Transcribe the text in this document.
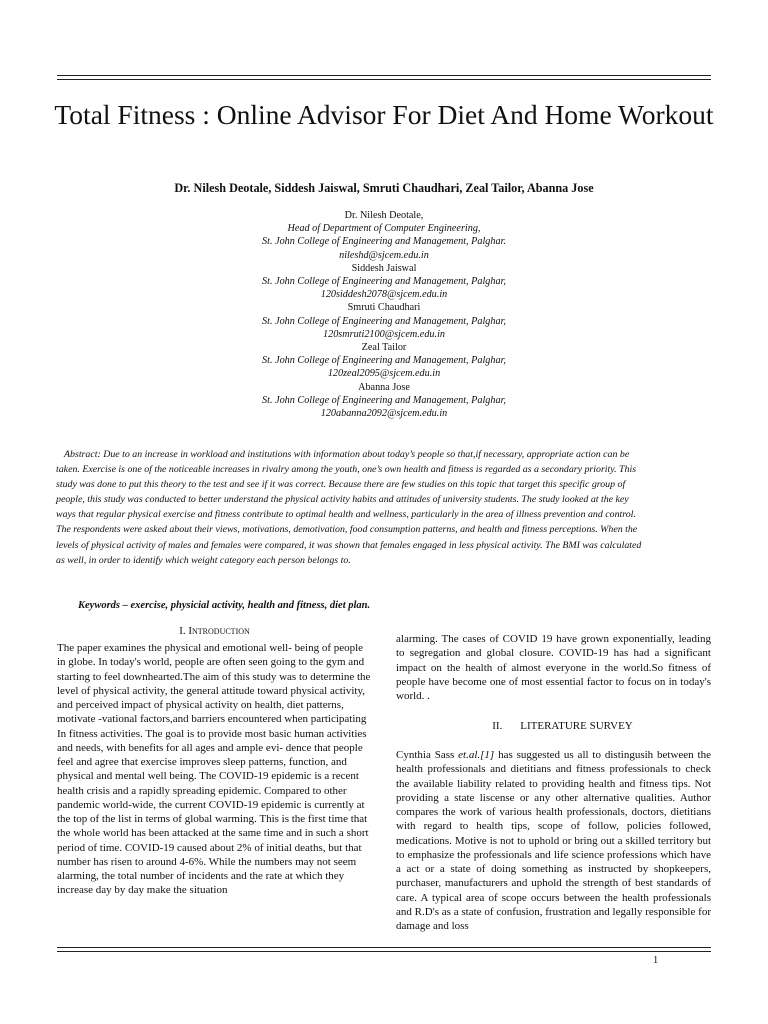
Total Fitness : Online Advisor For Diet And Home Workout
Dr. Nilesh Deotale, Siddesh Jaiswal, Smruti Chaudhari, Zeal Tailor, Abanna Jose
Dr. Nilesh Deotale,
Head of Department of Computer Engineering,
St. John College of Engineering and Management, Palghar.
nileshd@sjcem.edu.in
Siddesh Jaiswal
St. John College of Engineering and Management, Palghar,
120siddesh2078@sjcem.edu.in
Smruti Chaudhari
St. John College of Engineering and Management, Palghar,
120smruti2100@sjcem.edu.in
Zeal Tailor
St. John College of Engineering and Management, Palghar,
120zeal2095@sjcem.edu.in
Abanna Jose
St. John College of Engineering and Management, Palghar,
120abanna2092@sjcem.edu.in
Abstract: Due to an increase in workload and institutions with information about today’s people so that,if necessary, appropriate action can be taken. Exercise is one of the noticeable increases in rivalry among the youth, one’s own health and fitness is regarded as a secondary priority. This study was done to put this theory to the test and see if it was correct. Because there are few studies on this topic that target this specific group of people, this study was conducted to better understand the physical activity habits and attitudes of university students. The study looked at the key ways that regular physical exercise and fitness contribute to optimal health and wellness, particularly in the area of illness prevention and control. The respondents were asked about their views, motivations, demotivation, food consumption patterns, and health and fitness perceptions. When the levels of physical activity of males and females were compared, it was shown that females engaged in less physical activity. The BMI was calculated as well, in order to identify which weight category each person belongs to.
Keywords – exercise, physicial activity, health and fitness, diet plan.
I. Introduction
The paper examines the physical and emotional well- being of people in globe. In today's world, people are often seen going to the gym and starting to feel downhearted.The aim of this study was to determine the level of physical activity, the general attitude toward physical activity, and perceived impact of physical activity on health, diet patterns, motivate -vational factors,and barriers encountered when participating In fitness activities. The goal is to provide most basic human activities and needs, with benefits for all ages and ample evi- dence that people feel and agree that exercise improves sleep patterns, function, and physical and mental well being. The COVID-19 epidemic is a recent health crisis and a rapidly spreading epidemic. Compared to other pandemic world-wide, the current COVID-19 epidemic is currently at the top of the list in terms of global warming. This is the first time that the whole world has been attacked at the same time and in such a short period of time. COVID-19 caused about 2% of initial deaths, but that number has risen to around 4-6%. While the numbers may not seem alarming, the total number of incidents and the rate at which they increase day by day make the situation
alarming. The cases of COVID 19 have grown exponentially, leading to segregation and global closure. COVID-19 has had a significant impact on the health of almost everyone in the world.So fitness of people have become one of most essential factor to focus on in today's world. .
II. LITERATURE SURVEY
Cynthia Sass et.al.[1] has suggested us all to distingusih between the health professionals and dietitians and fitness professionals to check the available liability related to providing health and fitness tips. Not providing a state liscense or any other alternative qualities. Author compares the work of various health professionals, doctors, dietitians with regard to health tips, scope of follow, policies followed, medications. Motive is not to uphold or bring out a skilled territory but to emphasize the professionals and life science professions which have a act or a state of doing something as instructed by shopkeepers, purchaser, manufacturers and uphold the strength of best standards of care. A typical area of scope occurs between the health professionals and R.D's as a state of confusion, frustration and legally responsible for damage and loss
1
